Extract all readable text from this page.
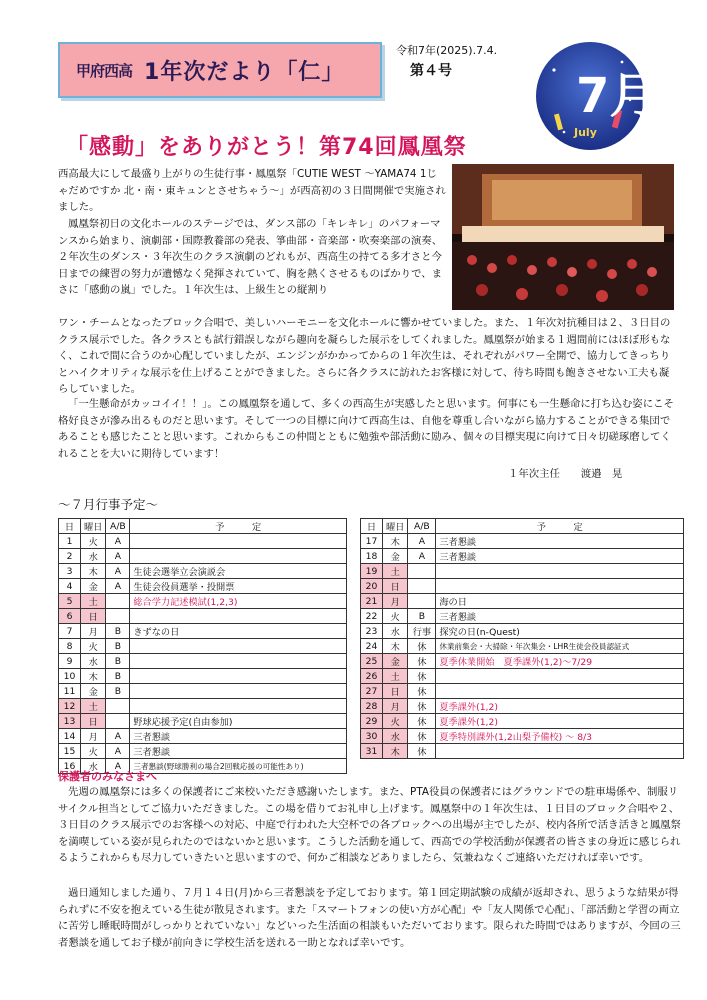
甲府西高 1年次だより「仁」
令和7年(2025).7.4.
第４号	7月
July
「感動」をありがとう！第74回鳳凰祭
西高最大にして最盛り上がりの生徒行事・鳳凰祭「CUTIE WEST ～YAMA74 1じゃだめですか 北・南・東キュンとさせちゃう～」が西高初の３日間開催で実施されました。
鳳凰祭初日の文化ホールのステージでは、ダンス部の「キレキレ」のパフォーマンスから始まり、演劇部・国際教養部の発表、箏曲部・音楽部・吹奏楽部の演奏、２年次生のダンス・３年次生のクラス演劇のどれもが、西高生の持てる多才さと今日までの練習の努力が遺憾なく発揮されていて、胸を熱くさせるものばかりで、まさに「感動の嵐」でした。１年次生は、上級生との縦割り
ワン・チームとなったブロック合唱で、美しいハーモニーを文化ホールに響かせていました。また、１年次対抗種目は２、３日目のクラス展示でした。各クラスとも試行錯誤しながら趣向を凝らした展示をしてくれました。鳳凰祭が始まる１週間前にはほぼ形もなく、これで間に合うのか心配していましたが、エンジンがかかってからの１年次生は、それぞれがパワー全開で、協力してきっちりとハイクオリティな展示を仕上げることができました。さらに各クラスに訪れたお客様に対して、待ち時間も飽きさせない工夫も凝らしていました。
「一生懸命がカッコイイ！！」。この鳳凰祭を通して、多くの西高生が実感したと思います。何事にも一生懸命に打ち込む姿にこそ格好良さが滲み出るものだと思います。そして一つの目標に向けて西高生は、自他を尊重し合いながら協力することができる集団であることも感じたことと思います。これからもこの仲間とともに勉強や部活動に励み、個々の目標実現に向けて日々切磋琢磨してくれることを大いに期待しています！
１年次主任　　渡邉　晃
～７月行事予定～
日	曜日	A/B	予　　　定
1	火	A	
2	水	A	
3	木	A	生徒会選挙立会演説会
4	金	A	生徒会役員選挙・投開票
5	土		総合学力記述模試(1,2,3)
6	日		
7	月	B	きずなの日
8	火	B	
9	水	B	
10	木	B	
11	金	B	
12	土		
13	日		野球応援予定(自由参加)
14	月	A	三者懇談
15	火	A	三者懇談
16	水	A	三者懇談(野球勝利の場合2回戦応援の可能性あり)
日	曜日	A/B	予　　　定
17	木	A	三者懇談
18	金	A	三者懇談
19	土		
20	日		
21	月		海の日
22	火	B	三者懇談
23	水	行事	探究の日(n-Quest)
24	木	休	休業前集会・大掃除・年次集会・LHR生徒会役員認証式
25	金	休	夏季休業開始　夏季課外(1,2)～7/29
26	土	休	
27	日	休	
28	月	休	夏季課外(1,2)
29	火	休	夏季課外(1,2)
30	水	休	夏季特別課外(1,2山梨予備校) ～ 8/3
31	木	休	
保護者のみなさまへ
先週の鳳凰祭には多くの保護者にご来校いただき感謝いたします。また、PTA役員の保護者にはグラウンドでの駐車場係や、制服リサイクル担当としてご協力いただきました。この場を借りてお礼申し上げます。鳳凰祭中の１年次生は、１日目のブロック合唱や２、３日目のクラス展示でのお客様への対応、中庭で行われた大空杯での各ブロックへの出場が主でしたが、校内各所で活き活きと鳳凰祭を満喫している姿が見られたのではないかと思います。こうした活動を通して、西高での学校活動が保護者の皆さまの身近に感じられるようこれからも尽力していきたいと思いますので、何かご相談などありましたら、気兼ねなくご連絡いただければ幸いです。
過日通知しました通り、７月１４日(月)から三者懇談を予定しております。第１回定期試験の成績が返却され、思うような結果が得られずに不安を抱えている生徒が散見されます。また「スマートフォンの使い方が心配」や「友人関係で心配」、「部活動と学習の両立に苦労し睡眠時間がしっかりとれていない」などいった生活面の相談もいただいております。限られた時間ではありますが、今回の三者懇談を通してお子様が前向きに学校生活を送れる一助となれば幸いです。
